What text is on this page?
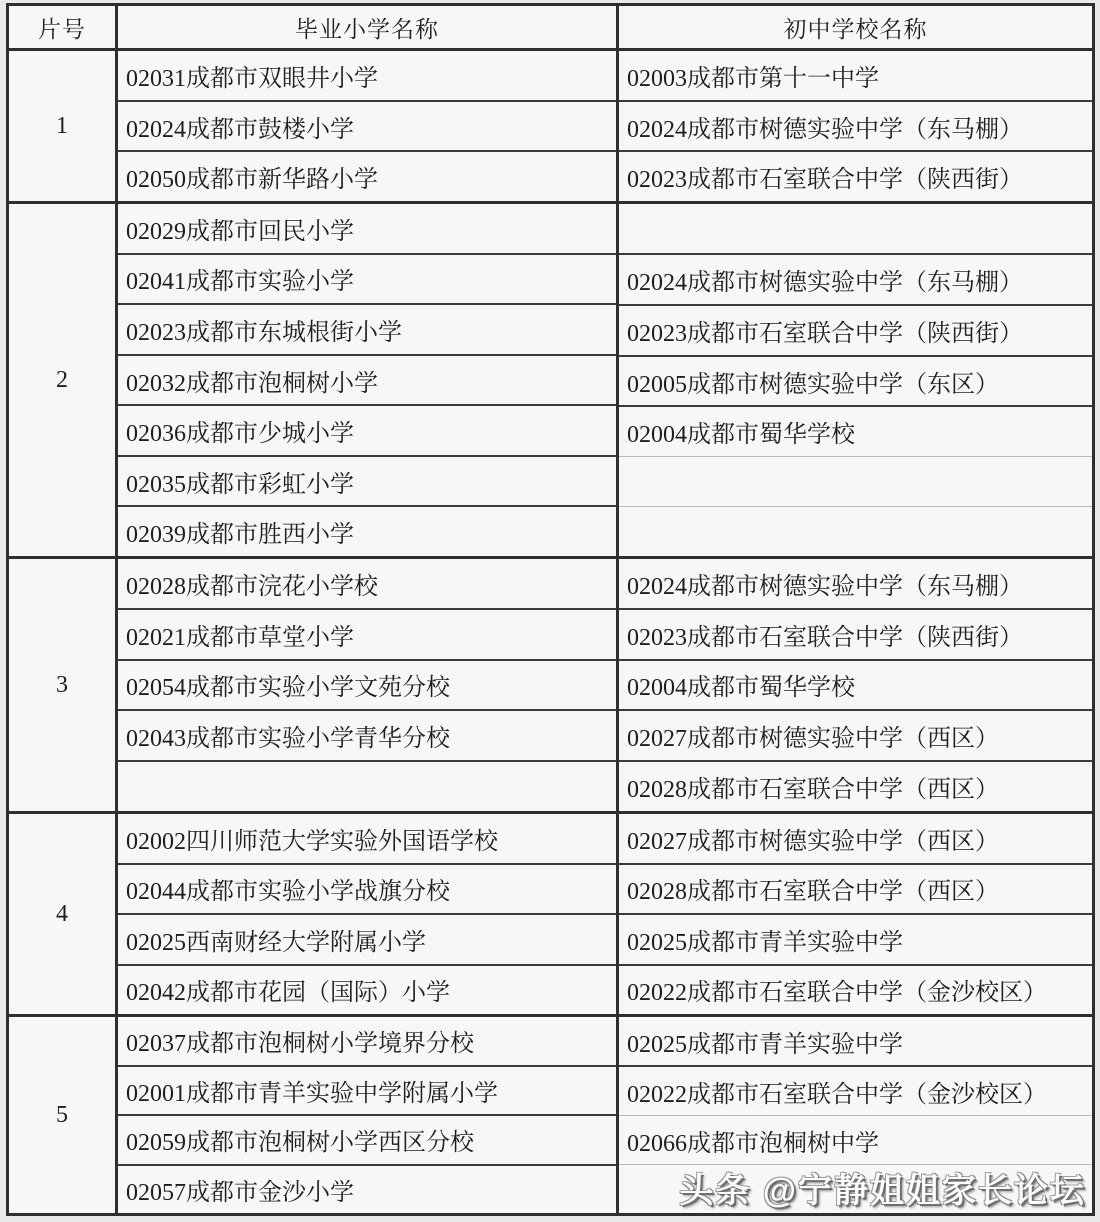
片号	毕业小学名称	初中学校名称
1
02031成都市双眼井小学
02024成都市鼓楼小学
02050成都市新华路小学
02003成都市第十一中学
02024成都市树德实验中学（东马棚）
02023成都市石室联合中学（陕西街）
2
02029成都市回民小学
02041成都市实验小学
02023成都市东城根街小学
02032成都市泡桐树小学
02036成都市少城小学
02035成都市彩虹小学
02039成都市胜西小学
02024成都市树德实验中学（东马棚）
02023成都市石室联合中学（陕西街）
02005成都市树德实验中学（东区）
02004成都市蜀华学校
3
02028成都市浣花小学校
02021成都市草堂小学
02054成都市实验小学文苑分校
02043成都市实验小学青华分校
02024成都市树德实验中学（东马棚）
02023成都市石室联合中学（陕西街）
02004成都市蜀华学校
02027成都市树德实验中学（西区）
02028成都市石室联合中学（西区）
4
02002四川师范大学实验外国语学校
02044成都市实验小学战旗分校
02025西南财经大学附属小学
02042成都市花园（国际）小学
02027成都市树德实验中学（西区）
02028成都市石室联合中学（西区）
02025成都市青羊实验中学
02022成都市石室联合中学（金沙校区）
5
02037成都市泡桐树小学境界分校
02001成都市青羊实验中学附属小学
02059成都市泡桐树小学西区分校
02057成都市金沙小学
02025成都市青羊实验中学
02022成都市石室联合中学（金沙校区）
02066成都市泡桐树中学
头条 @宁静姐姐家长论坛
